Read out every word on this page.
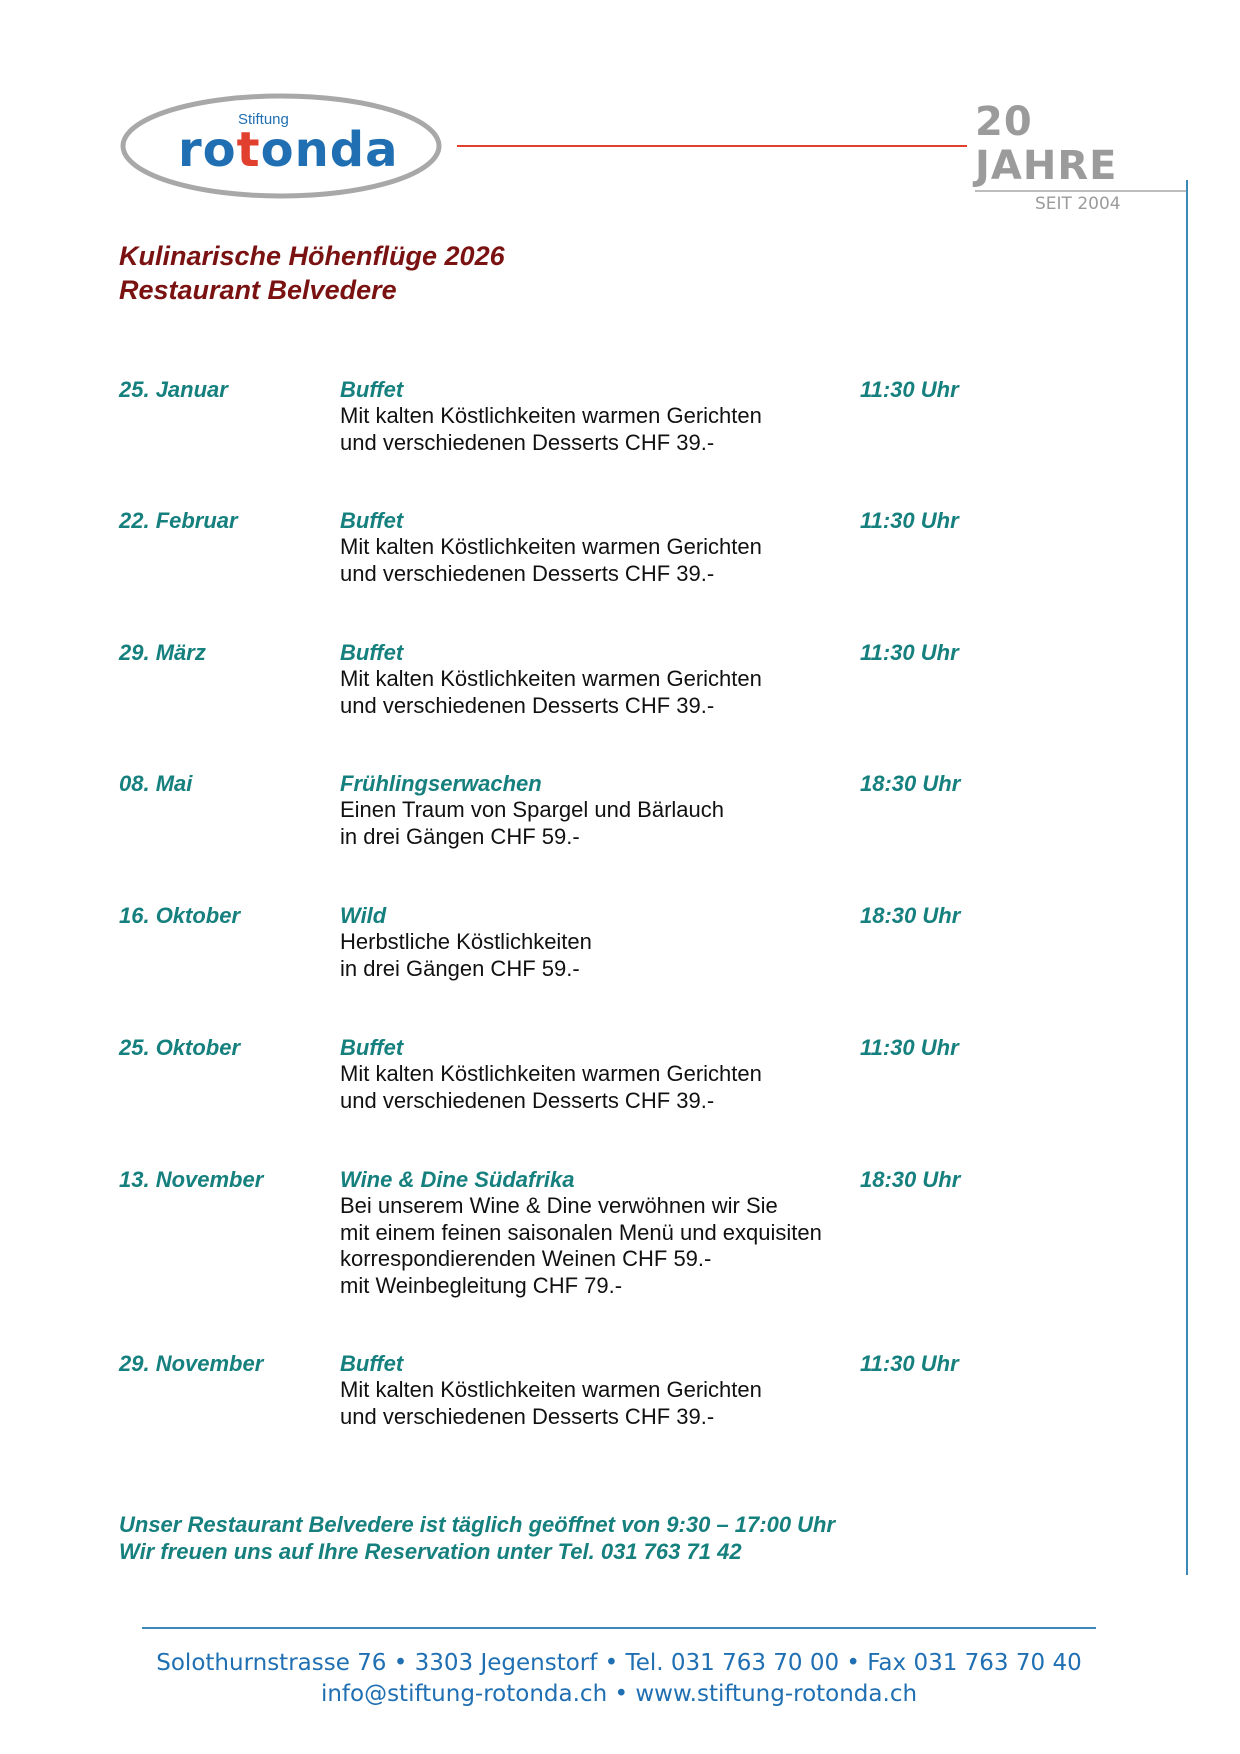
Stiftung
rotonda	20 JAHRE
SEIT 2004
Kulinarische Höhenflüge 2026
Restaurant Belvedere
25. Januar	Buffet	11:30 Uhr
Mit kalten Köstlichkeiten warmen Gerichten
und verschiedenen Desserts CHF 39.-
22. Februar	Buffet	11:30 Uhr
Mit kalten Köstlichkeiten warmen Gerichten
und verschiedenen Desserts CHF 39.-
29. März	Buffet	11:30 Uhr
Mit kalten Köstlichkeiten warmen Gerichten
und verschiedenen Desserts CHF 39.-
08. Mai	Frühlingserwachen	18:30 Uhr
Einen Traum von Spargel und Bärlauch
in drei Gängen CHF 59.-
16. Oktober	Wild	18:30 Uhr
Herbstliche Köstlichkeiten
in drei Gängen CHF 59.-
25. Oktober	Buffet	11:30 Uhr
Mit kalten Köstlichkeiten warmen Gerichten
und verschiedenen Desserts CHF 39.-
13. November	Wine & Dine Südafrika	18:30 Uhr
Bei unserem Wine & Dine verwöhnen wir Sie
mit einem feinen saisonalen Menü und exquisiten
korrespondierenden Weinen CHF 59.-
mit Weinbegleitung CHF 79.-
29. November	Buffet	11:30 Uhr
Mit kalten Köstlichkeiten warmen Gerichten
und verschiedenen Desserts CHF 39.-
Unser Restaurant Belvedere ist täglich geöffnet von 9:30 – 17:00 Uhr
Wir freuen uns auf Ihre Reservation unter Tel. 031 763 71 42
Solothurnstrasse 76 • 3303 Jegenstorf • Tel. 031 763 70 00 • Fax 031 763 70 40
info@stiftung-rotonda.ch • www.stiftung-rotonda.ch
